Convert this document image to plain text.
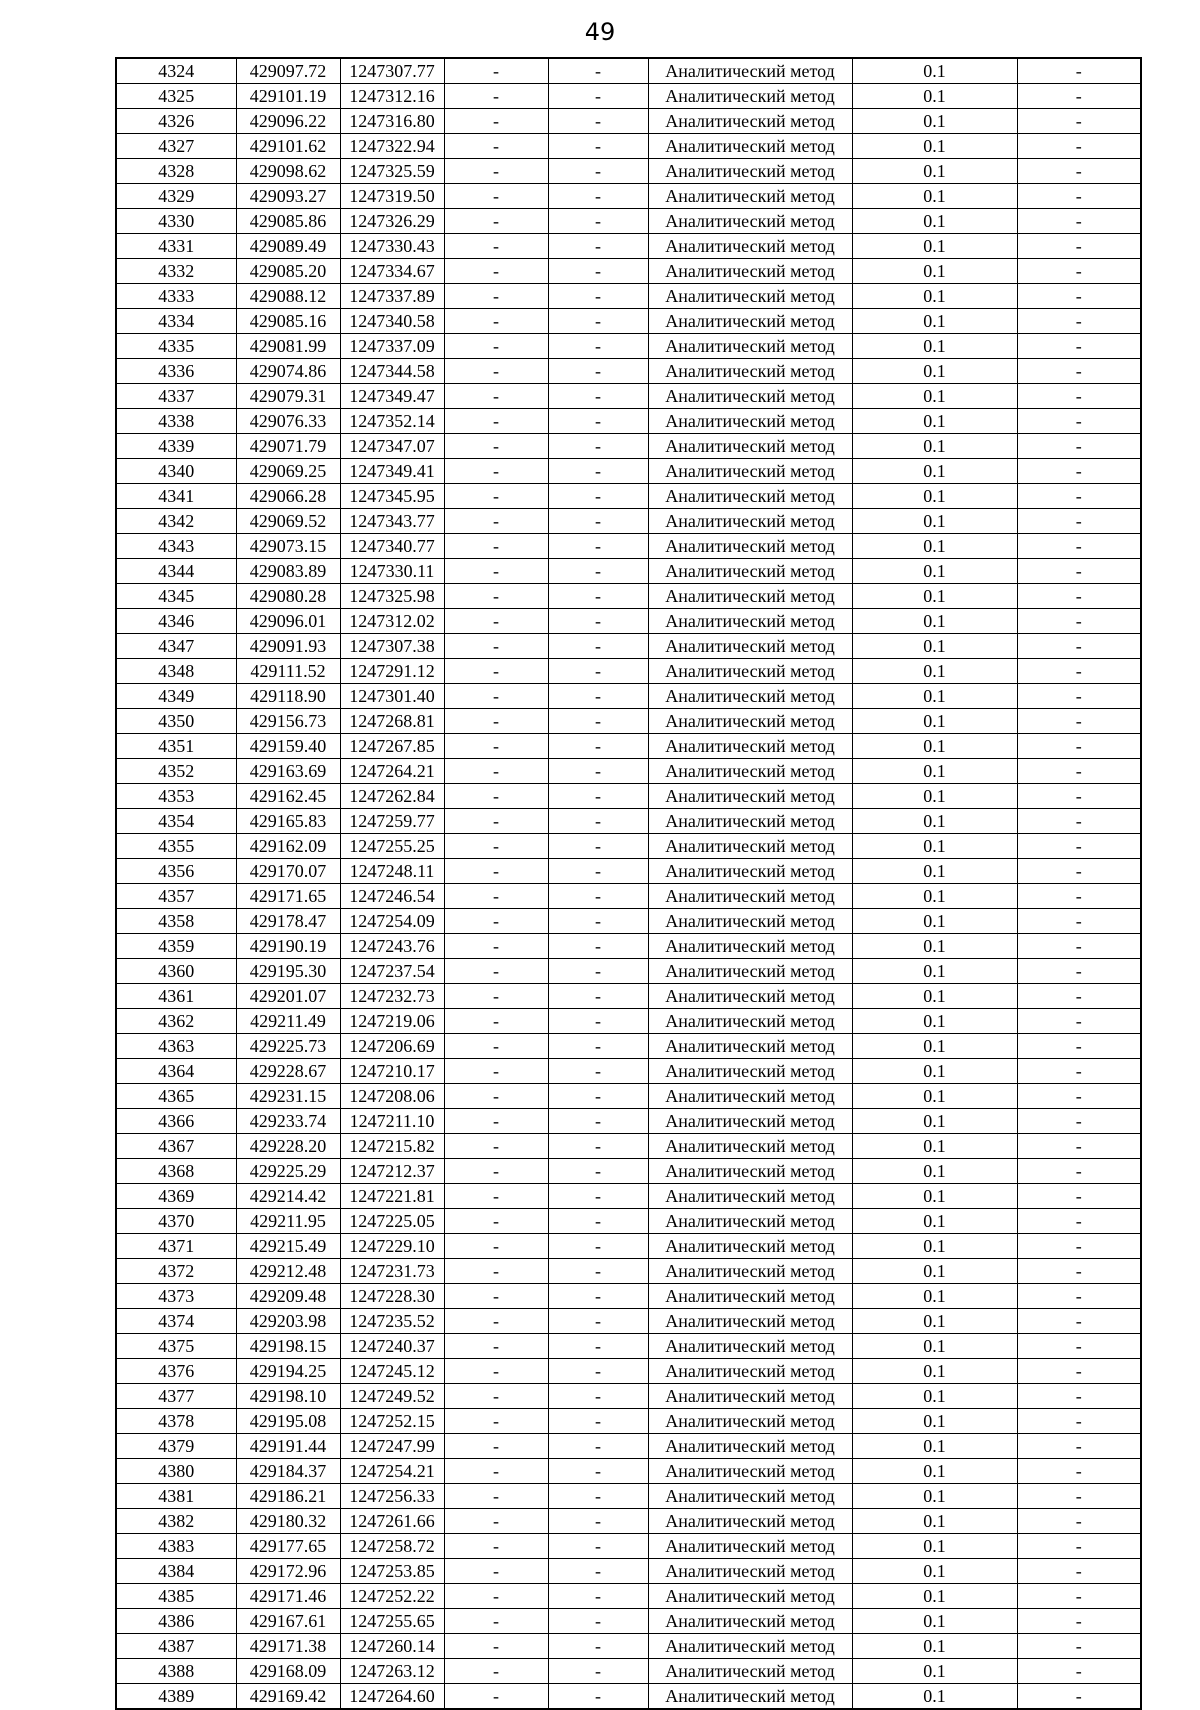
49
4324	429097.72	1247307.77	-	-	Аналитический метод	0.1	-
4325	429101.19	1247312.16	-	-	Аналитический метод	0.1	-
4326	429096.22	1247316.80	-	-	Аналитический метод	0.1	-
4327	429101.62	1247322.94	-	-	Аналитический метод	0.1	-
4328	429098.62	1247325.59	-	-	Аналитический метод	0.1	-
4329	429093.27	1247319.50	-	-	Аналитический метод	0.1	-
4330	429085.86	1247326.29	-	-	Аналитический метод	0.1	-
4331	429089.49	1247330.43	-	-	Аналитический метод	0.1	-
4332	429085.20	1247334.67	-	-	Аналитический метод	0.1	-
4333	429088.12	1247337.89	-	-	Аналитический метод	0.1	-
4334	429085.16	1247340.58	-	-	Аналитический метод	0.1	-
4335	429081.99	1247337.09	-	-	Аналитический метод	0.1	-
4336	429074.86	1247344.58	-	-	Аналитический метод	0.1	-
4337	429079.31	1247349.47	-	-	Аналитический метод	0.1	-
4338	429076.33	1247352.14	-	-	Аналитический метод	0.1	-
4339	429071.79	1247347.07	-	-	Аналитический метод	0.1	-
4340	429069.25	1247349.41	-	-	Аналитический метод	0.1	-
4341	429066.28	1247345.95	-	-	Аналитический метод	0.1	-
4342	429069.52	1247343.77	-	-	Аналитический метод	0.1	-
4343	429073.15	1247340.77	-	-	Аналитический метод	0.1	-
4344	429083.89	1247330.11	-	-	Аналитический метод	0.1	-
4345	429080.28	1247325.98	-	-	Аналитический метод	0.1	-
4346	429096.01	1247312.02	-	-	Аналитический метод	0.1	-
4347	429091.93	1247307.38	-	-	Аналитический метод	0.1	-
4348	429111.52	1247291.12	-	-	Аналитический метод	0.1	-
4349	429118.90	1247301.40	-	-	Аналитический метод	0.1	-
4350	429156.73	1247268.81	-	-	Аналитический метод	0.1	-
4351	429159.40	1247267.85	-	-	Аналитический метод	0.1	-
4352	429163.69	1247264.21	-	-	Аналитический метод	0.1	-
4353	429162.45	1247262.84	-	-	Аналитический метод	0.1	-
4354	429165.83	1247259.77	-	-	Аналитический метод	0.1	-
4355	429162.09	1247255.25	-	-	Аналитический метод	0.1	-
4356	429170.07	1247248.11	-	-	Аналитический метод	0.1	-
4357	429171.65	1247246.54	-	-	Аналитический метод	0.1	-
4358	429178.47	1247254.09	-	-	Аналитический метод	0.1	-
4359	429190.19	1247243.76	-	-	Аналитический метод	0.1	-
4360	429195.30	1247237.54	-	-	Аналитический метод	0.1	-
4361	429201.07	1247232.73	-	-	Аналитический метод	0.1	-
4362	429211.49	1247219.06	-	-	Аналитический метод	0.1	-
4363	429225.73	1247206.69	-	-	Аналитический метод	0.1	-
4364	429228.67	1247210.17	-	-	Аналитический метод	0.1	-
4365	429231.15	1247208.06	-	-	Аналитический метод	0.1	-
4366	429233.74	1247211.10	-	-	Аналитический метод	0.1	-
4367	429228.20	1247215.82	-	-	Аналитический метод	0.1	-
4368	429225.29	1247212.37	-	-	Аналитический метод	0.1	-
4369	429214.42	1247221.81	-	-	Аналитический метод	0.1	-
4370	429211.95	1247225.05	-	-	Аналитический метод	0.1	-
4371	429215.49	1247229.10	-	-	Аналитический метод	0.1	-
4372	429212.48	1247231.73	-	-	Аналитический метод	0.1	-
4373	429209.48	1247228.30	-	-	Аналитический метод	0.1	-
4374	429203.98	1247235.52	-	-	Аналитический метод	0.1	-
4375	429198.15	1247240.37	-	-	Аналитический метод	0.1	-
4376	429194.25	1247245.12	-	-	Аналитический метод	0.1	-
4377	429198.10	1247249.52	-	-	Аналитический метод	0.1	-
4378	429195.08	1247252.15	-	-	Аналитический метод	0.1	-
4379	429191.44	1247247.99	-	-	Аналитический метод	0.1	-
4380	429184.37	1247254.21	-	-	Аналитический метод	0.1	-
4381	429186.21	1247256.33	-	-	Аналитический метод	0.1	-
4382	429180.32	1247261.66	-	-	Аналитический метод	0.1	-
4383	429177.65	1247258.72	-	-	Аналитический метод	0.1	-
4384	429172.96	1247253.85	-	-	Аналитический метод	0.1	-
4385	429171.46	1247252.22	-	-	Аналитический метод	0.1	-
4386	429167.61	1247255.65	-	-	Аналитический метод	0.1	-
4387	429171.38	1247260.14	-	-	Аналитический метод	0.1	-
4388	429168.09	1247263.12	-	-	Аналитический метод	0.1	-
4389	429169.42	1247264.60	-	-	Аналитический метод	0.1	-
